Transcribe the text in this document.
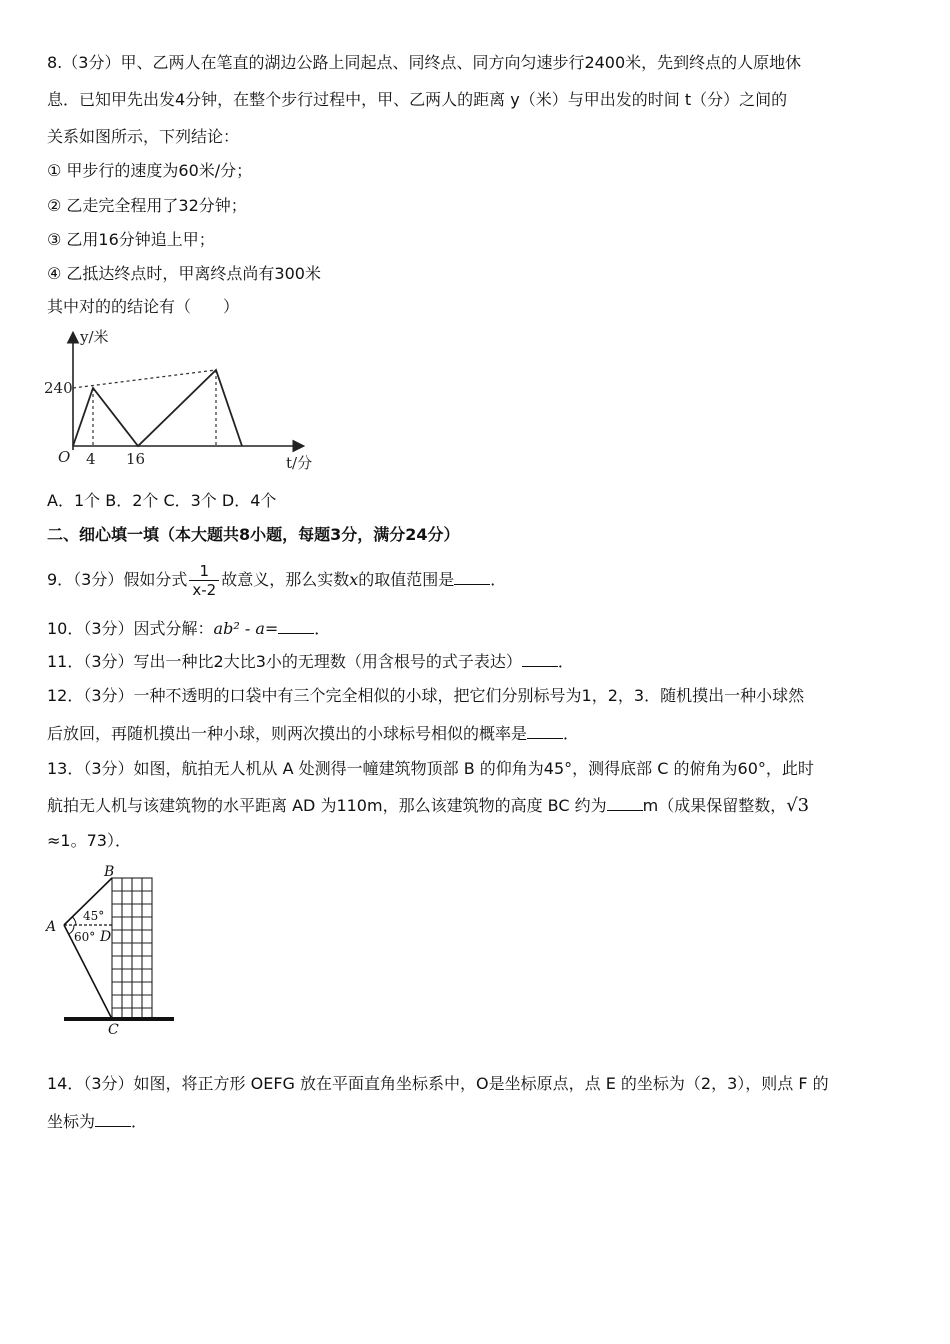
8.（3分）甲、乙两人在笔直的湖边公路上同起点、同终点、同方向匀速步行2400米，先到终点的人原地休
息．已知甲先出发4分钟，在整个步行过程中，甲、乙两人的距离 y（米）与甲出发的时间 t（分）之间的
关系如图所示，下列结论：
① 甲步行的速度为60米/分；
② 乙走完全程用了32分钟；
③ 乙用16分钟追上甲；
④ 乙抵达终点时，甲离终点尚有300米
其中对的的结论有（　　）
y/米
t/分
O
240
4 16
A．1个 B．2个 C．3个 D．4个
二、细心填一填（本大题共8小题，每题3分，满分24分）
9．（3分）假如分式 $\frac{1}{x-2}$ 故意义，那么实数x的取值范围是 ．
10．（3分）因式分解：ab² - a= ．
11．（3分）写出一种比2大比3小的无理数（用含根号的式子表达） ．
12．（3分）一种不透明的口袋中有三个完全相似的小球，把它们分别标号为1，2，3．随机摸出一种小球然
后放回，再随机摸出一种小球，则两次摸出的小球标号相似的概率是 ．
13．（3分）如图，航拍无人机从 A 处测得一幢建筑物顶部 B 的仰角为45°，测得底部 C 的俯角为60°，此时
航拍无人机与该建筑物的水平距离 AD 为110m，那么该建筑物的高度 BC 约为 m（成果保留整数，√3
≈1。73）．
B
A
D
C
45°
60°
14．（3分）如图，将正方形 OEFG 放在平面直角坐标系中，O是坐标原点，点 E 的坐标为（2，3），则点 F 的
坐标为 ．
